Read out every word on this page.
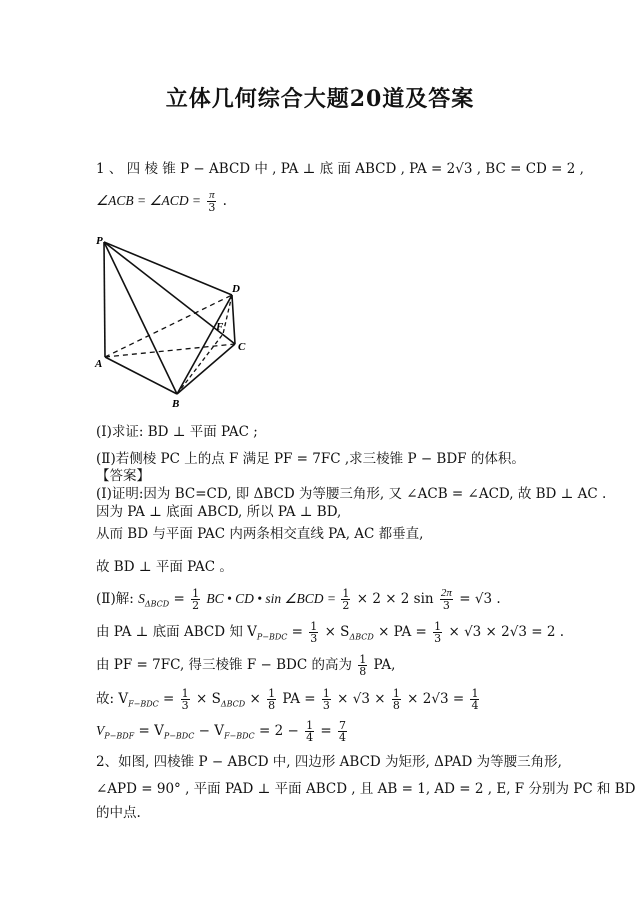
立体几何综合大题20道及答案
1 、 四 棱 锥 P − ABCD 中 , PA ⊥ 底 面 ABCD , PA = 2√3 , BC = CD = 2 ,
∠ACB = ∠ACD = $\frac{\pi}{3}$ .
P
A
B
C
D
F
(Ⅰ)求证: BD ⊥ 平面 PAC ;
(Ⅱ)若侧棱 PC 上的点 F 满足 PF = 7FC ,求三棱锥 P − BDF 的体积。
【答案】
(Ⅰ)证明:因为 BC=CD, 即 ΔBCD 为等腰三角形, 又 ∠ACB = ∠ACD, 故 BD ⊥ AC .
因为 PA ⊥ 底面 ABCD, 所以 PA ⊥ BD,
从而 BD 与平面 PAC 内两条相交直线 PA, AC 都垂直,
故 BD ⊥ 平面 PAC 。
(Ⅱ)解: $S_{\Delta BCD} = \frac{1}{2}$ BC • CD • sin ∠BCD = $\frac{1}{2} \times 2 \times 2$ $\sin \frac{2\pi}{3} = √3$ .
由 PA ⊥ 底面 ABCD 知 $V_{P-BDC} = \frac{1}{3} \times S_{\Delta BCD}$ × PA = $\frac{1}{3} \times √3 \times 2√3 = 2$ .
由 PF = 7FC, 得三棱锥 F − BDC 的高为 $\frac{1}{8}$ PA,
故: $V_{F-BDC} = \frac{1}{3} \times S_{\Delta BCD} \times \frac{1}{8}$ PA = $\frac{1}{3} \times √3 \times \frac{1}{8} \times 2√3 = \frac{1}{4}$
$V_{P-BDF} = V_{P-BDC} - V_{F-BDC} = 2 - \frac{1}{4} = \frac{7}{4}$
2、如图, 四棱锥 P − ABCD 中, 四边形 ABCD 为矩形, ΔPAD 为等腰三角形,
∠APD = 90° , 平面 PAD ⊥ 平面 ABCD , 且 AB = 1, AD = 2 , E, F 分别为 PC 和 BD
的中点.
